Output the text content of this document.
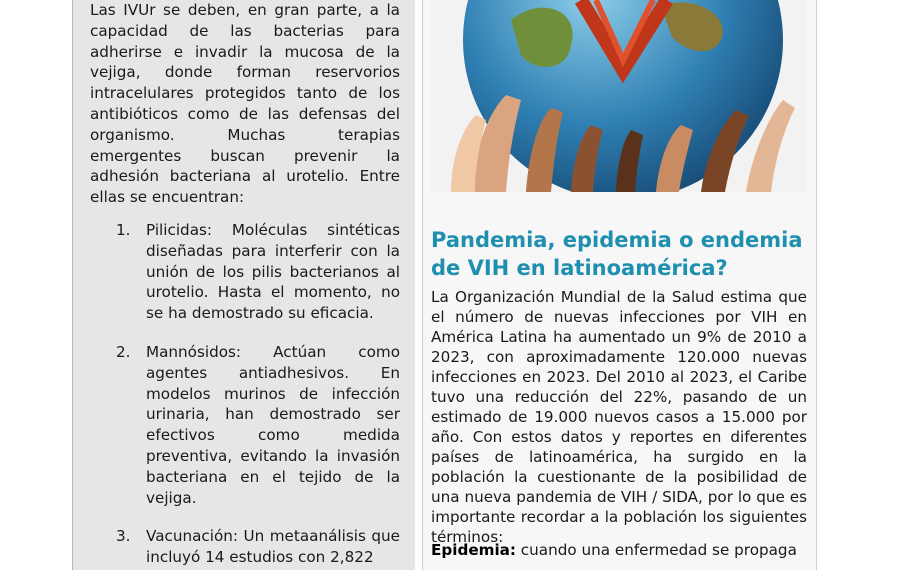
Las IVUr se deben, en gran parte, a la capacidad de las bacterias para adherirse e invadir la mucosa de la vejiga, donde forman reservorios intracelulares protegidos tanto de los antibióticos como de las defensas del organismo. Muchas terapias emergentes buscan prevenir la adhesión bacteriana al urotelio. Entre ellas se encuentran:

1. Pilicidas: Moléculas sintéticas diseñadas para interferir con la unión de los pilis bacterianos al urotelio. Hasta el momento, no se ha demostrado su eficacia.
2. Mannósidos: Actúan como agentes antiadhesivos. En modelos murinos de infección urinaria, han demostrado ser efectivos como medida preventiva, evitando la invasión bacteriana en el tejido de la vejiga.
3. Vacunación: Un metaanálisis que incluyó 14 estudios con 2,822
Pandemia, epidemia o endemia de VIH en latinoamérica?

La Organización Mundial de la Salud estima que el número de nuevas infecciones por VIH en América Latina ha aumentado un 9% de 2010 a 2023, con aproximadamente 120.000 nuevas infecciones en 2023. Del 2010 al 2023, el Caribe tuvo una reducción del 22%, pasando de un estimado de 19.000 nuevos casos a 15.000 por año. Con estos datos y reportes en diferentes países de latinoamérica, ha surgido en la población la cuestionante de la posibilidad de una nueva pandemia de VIH / SIDA, por lo que es importante recordar a la población los siguientes términos:

Epidemia: cuando una enfermedad se propaga
